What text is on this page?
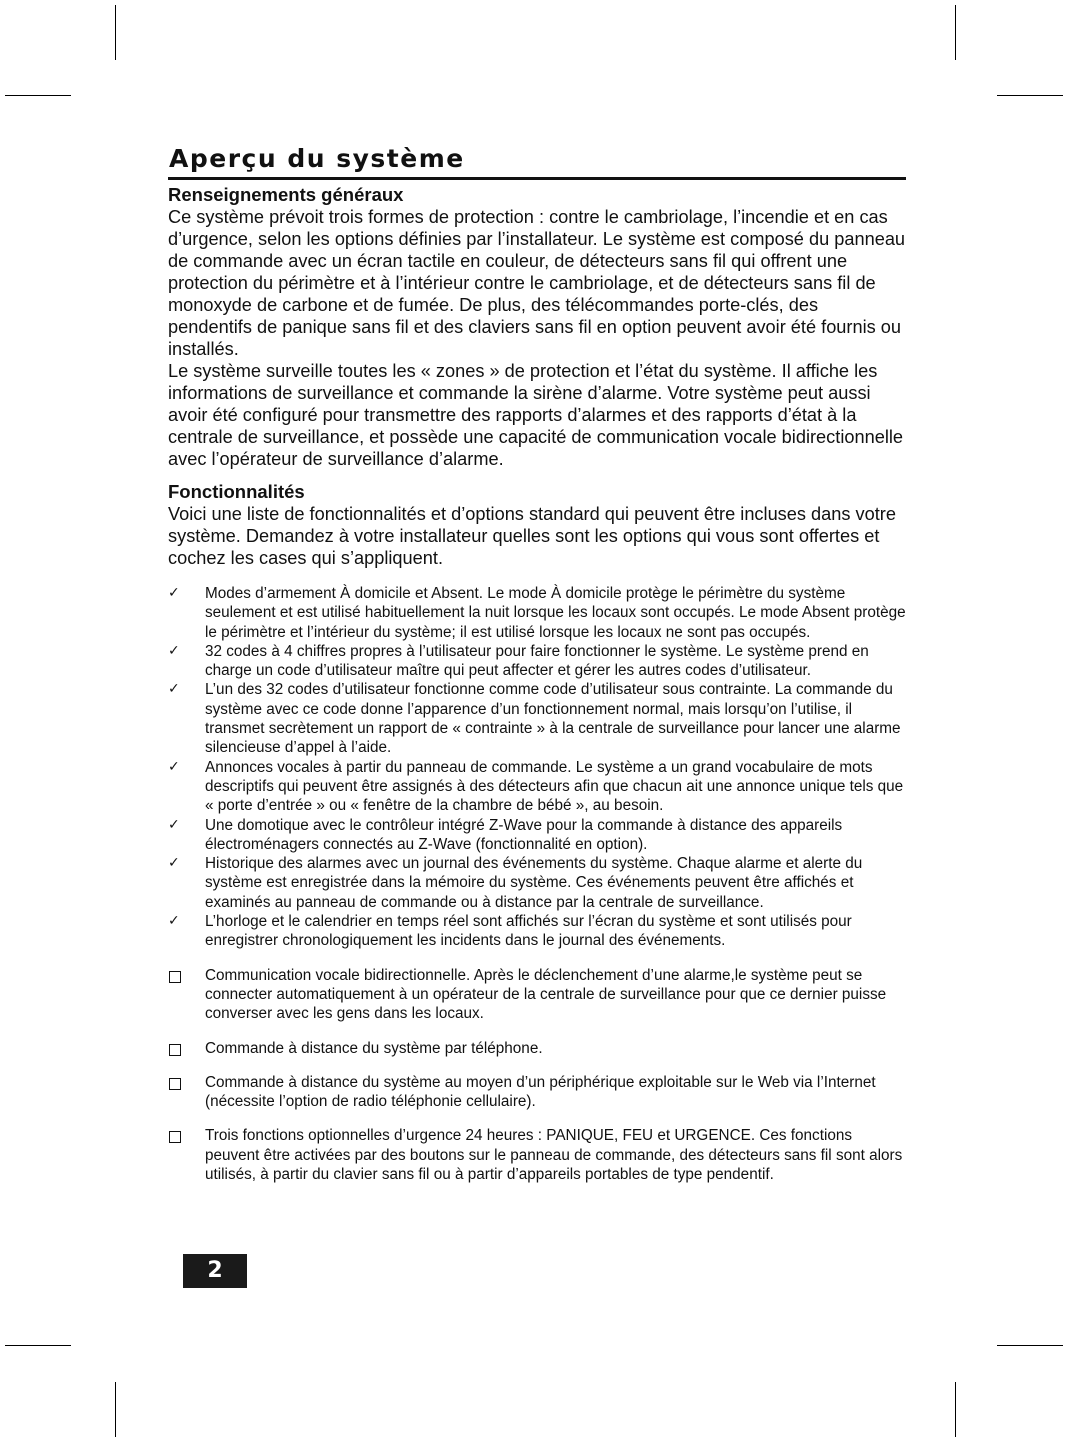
Aperçu du système
Renseignements généraux

Ce système prévoit trois formes de protection : contre le cambriolage, l’incendie et en cas d’urgence, selon les options définies par l’installateur. Le système est composé du panneau de commande avec un écran tactile en couleur, de détecteurs sans fil qui offrent une protection du périmètre et à l’intérieur contre le cambriolage, et de détecteurs sans fil de monoxyde de carbone et de fumée. De plus, des télécommandes porte-clés, des pendentifs de panique sans fil et des claviers sans fil en option peuvent avoir été fournis ou installés.

Le système surveille toutes les « zones » de protection et l’état du système. Il affiche les informations de surveillance et commande la sirène d’alarme. Votre système peut aussi avoir été configuré pour transmettre des rapports d’alarmes et des rapports d’état à la centrale de surveillance, et possède une capacité de communication vocale bidirectionnelle avec l’opérateur de surveillance d’alarme.

Fonctionnalités

Voici une liste de fonctionnalités et d’options standard qui peuvent être incluses dans votre système. Demandez à votre installateur quelles sont les options qui vous sont offertes et cochez les cases qui s’appliquent.

✓	Modes d’armement À domicile et Absent. Le mode À domicile protège le périmètre du système seulement et est utilisé habituellement la nuit lorsque les locaux sont occupés. Le mode Absent protège le périmètre et l’intérieur du système; il est utilisé lorsque les locaux ne sont pas occupés.
✓	32 codes à 4 chiffres propres à l’utilisateur pour faire fonctionner le système. Le système prend en charge un code d’utilisateur maître qui peut affecter et gérer les autres codes d’utilisateur.
✓	L’un des 32 codes d’utilisateur fonctionne comme code d’utilisateur sous contrainte. La commande du système avec ce code donne l’apparence d’un fonctionnement normal, mais lorsqu’on l’utilise, il transmet secrètement un rapport de « contrainte » à la centrale de surveillance pour lancer une alarme silencieuse d’appel à l’aide.
✓	Annonces vocales à partir du panneau de commande. Le système a un grand vocabulaire de mots descriptifs qui peuvent être assignés à des détecteurs afin que chacun ait une annonce unique tels que « porte d’entrée » ou « fenêtre de la chambre de bébé », au besoin.
✓	Une domotique avec le contrôleur intégré Z-Wave pour la commande à distance des appareils électroménagers connectés au Z-Wave (fonctionnalité en option).
✓	Historique des alarmes avec un journal des événements du système. Chaque alarme et alerte du système est enregistrée dans la mémoire du système. Ces événements peuvent être affichés et examinés au panneau de commande ou à distance par la centrale de surveillance.
✓	L’horloge et le calendrier en temps réel sont affichés sur l’écran du système et sont utilisés pour enregistrer chronologiquement les incidents dans le journal des événements.
Communication vocale bidirectionnelle. Après le déclenchement d’une alarme,le système peut se connecter automatiquement à un opérateur de la centrale de surveillance pour que ce dernier puisse converser avec les gens dans les locaux.
Commande à distance du système par téléphone.
Commande à distance du système au moyen d’un périphérique exploitable sur le Web via l’Internet (nécessite l’option de radio téléphonie cellulaire).
Trois fonctions optionnelles d’urgence 24 heures : PANIQUE, FEU et URGENCE. Ces fonctions peuvent être activées par des boutons sur le panneau de commande, des détecteurs sans fil sont alors utilisés, à partir du clavier sans fil ou à partir d’appareils portables de type pendentif.
2
